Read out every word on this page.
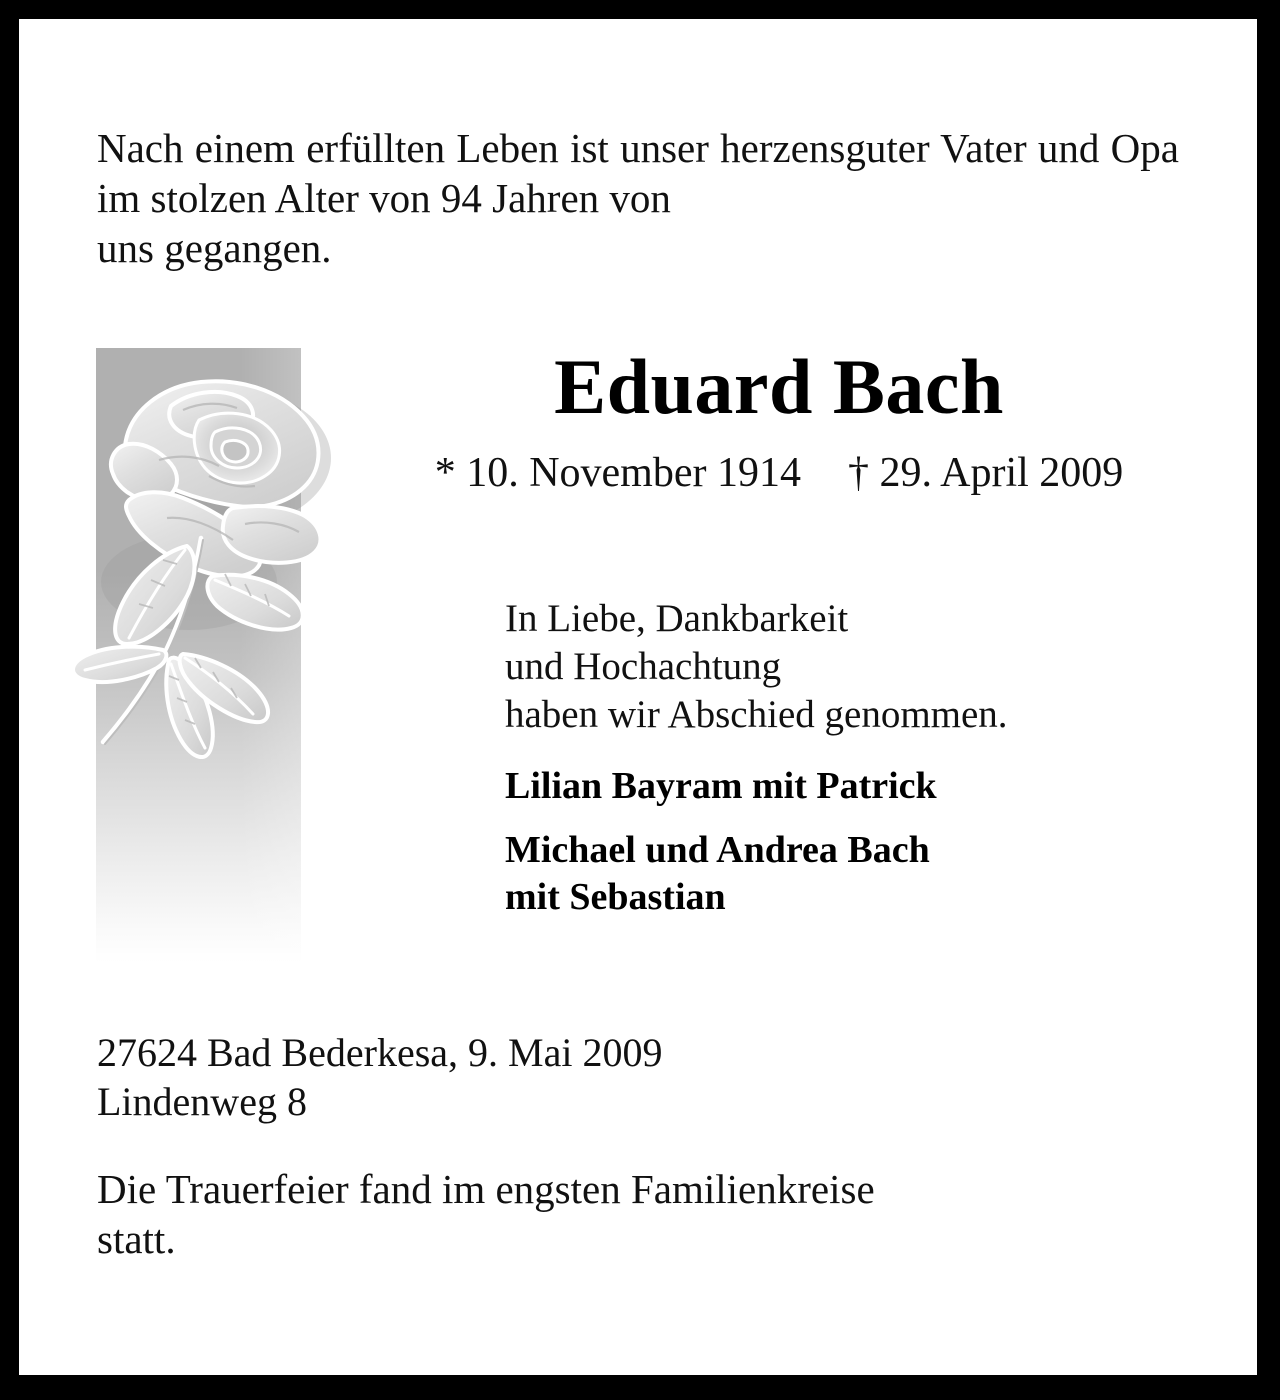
Nach einem erfüllten Leben ist unser herzensguter Vater und Opa im stolzen Alter von 94 Jahren von
uns gegangen.
Eduard Bach
* 10. November 1914 † 29. April 2009
In Liebe, Dankbarkeit
und Hochachtung
haben wir Abschied genommen.
Lilian Bayram mit Patrick
Michael und Andrea Bach
mit Sebastian
27624 Bad Bederkesa, 9. Mai 2009
Lindenweg 8
Die Trauerfeier fand im engsten Familienkreise
statt.
